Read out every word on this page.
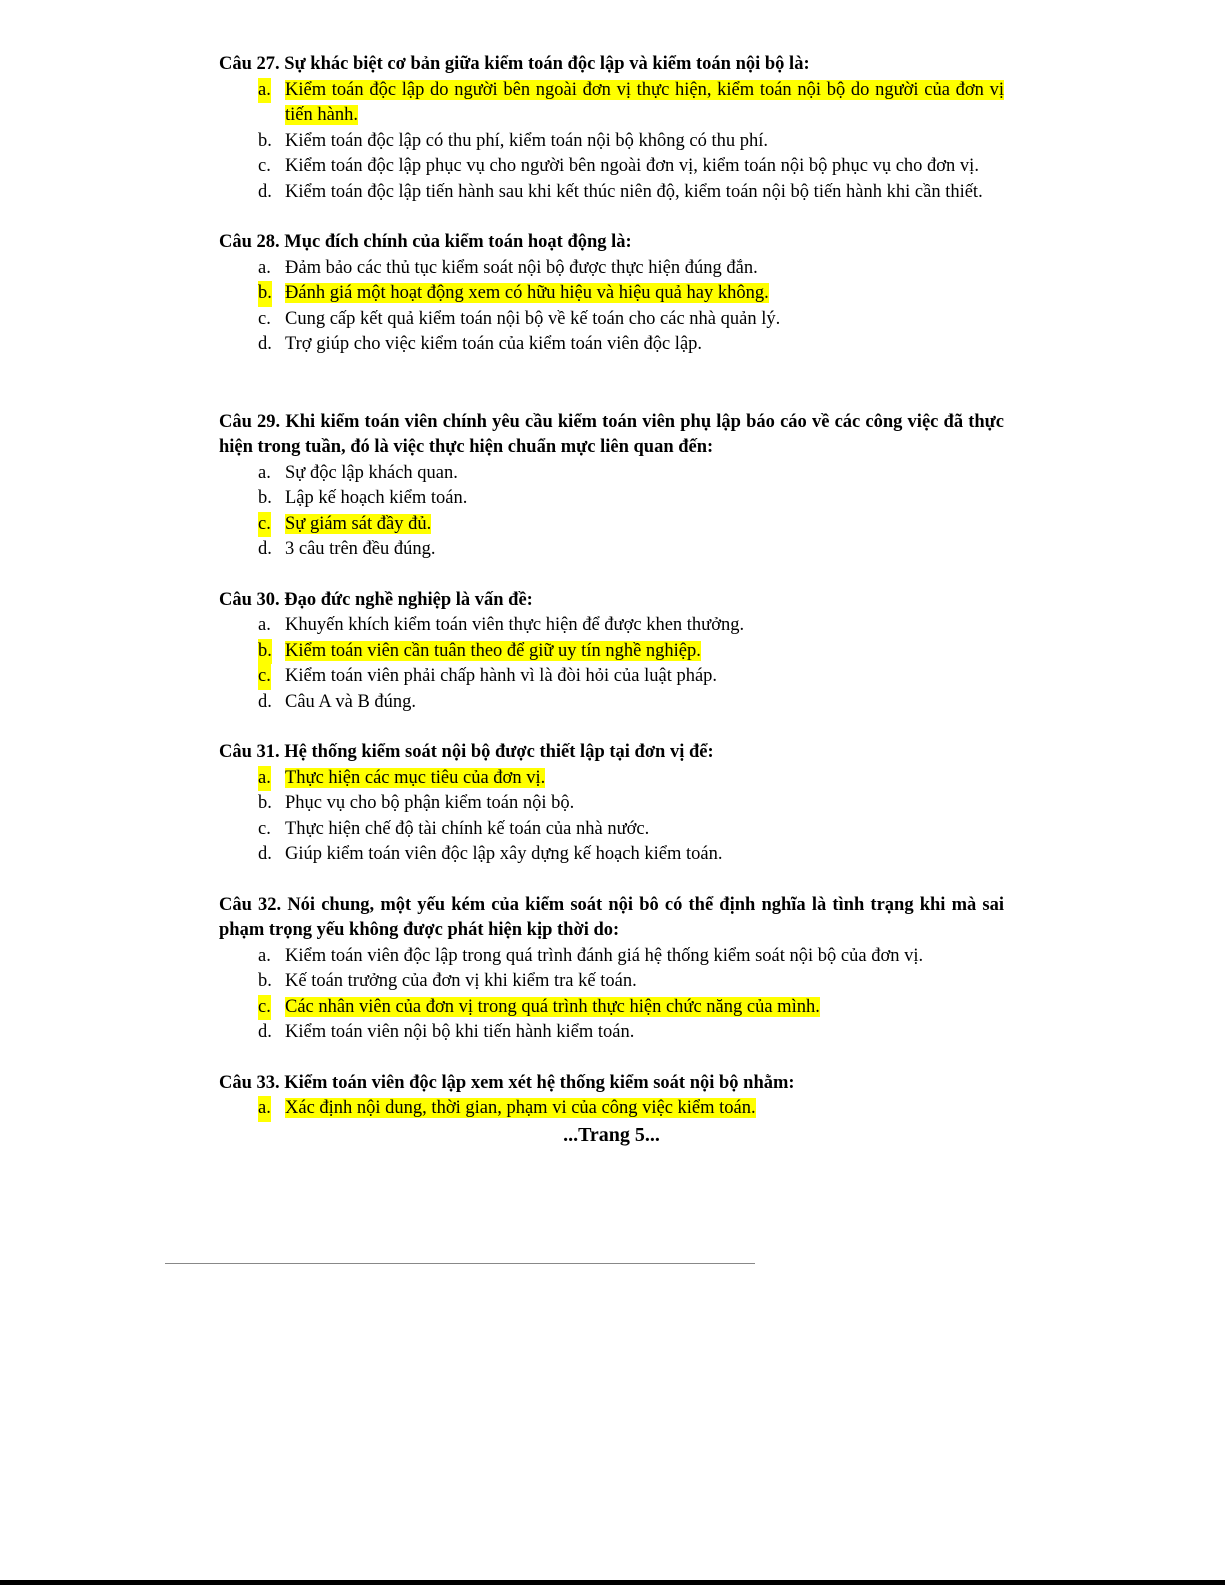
Câu 27. Sự khác biệt cơ bản giữa kiểm toán độc lập và kiểm toán nội bộ là:

a. Kiểm toán độc lập do người bên ngoài đơn vị thực hiện, kiểm toán nội bộ do người của đơn vị tiến hành.
b. Kiểm toán độc lập có thu phí, kiểm toán nội bộ không có thu phí.
c. Kiểm toán độc lập phục vụ cho người bên ngoài đơn vị, kiểm toán nội bộ phục vụ cho đơn vị.
d. Kiểm toán độc lập tiến hành sau khi kết thúc niên độ, kiểm toán nội bộ tiến hành khi cần thiết.

Câu 28. Mục đích chính của kiểm toán hoạt động là:

a. Đảm bảo các thủ tục kiểm soát nội bộ được thực hiện đúng đắn.
b. Đánh giá một hoạt động xem có hữu hiệu và hiệu quả hay không.
c. Cung cấp kết quả kiểm toán nội bộ về kế toán cho các nhà quản lý.
d. Trợ giúp cho việc kiểm toán của kiểm toán viên độc lập.

Câu 29. Khi kiểm toán viên chính yêu cầu kiểm toán viên phụ lập báo cáo về các công việc đã thực hiện trong tuần, đó là việc thực hiện chuẩn mực liên quan đến:

a. Sự độc lập khách quan.
b. Lập kế hoạch kiểm toán.
c. Sự giám sát đầy đủ.
d. 3 câu trên đều đúng.

Câu 30. Đạo đức nghề nghiệp là vấn đề:

a. Khuyến khích kiểm toán viên thực hiện để được khen thưởng.
b. Kiểm toán viên cần tuân theo để giữ uy tín nghề nghiệp.
c. Kiểm toán viên phải chấp hành vì là đòi hỏi của luật pháp.
d. Câu A và B đúng.

Câu 31. Hệ thống kiểm soát nội bộ được thiết lập tại đơn vị để:

a. Thực hiện các mục tiêu của đơn vị.
b. Phục vụ cho bộ phận kiểm toán nội bộ.
c. Thực hiện chế độ tài chính kế toán của nhà nước.
d. Giúp kiểm toán viên độc lập xây dựng kế hoạch kiểm toán.

Câu 32. Nói chung, một yếu kém của kiểm soát nội bô có thể định nghĩa là tình trạng khi mà sai phạm trọng yếu không được phát hiện kịp thời do:

a. Kiểm toán viên độc lập trong quá trình đánh giá hệ thống kiểm soát nội bộ của đơn vị.
b. Kế toán trưởng của đơn vị khi kiểm tra kế toán.
c. Các nhân viên của đơn vị trong quá trình thực hiện chức năng của mình.
d. Kiểm toán viên nội bộ khi tiến hành kiểm toán.

Câu 33. Kiểm toán viên độc lập xem xét hệ thống kiểm soát nội bộ nhằm:

a. Xác định nội dung, thời gian, phạm vi của công việc kiểm toán.
...Trang 5...
